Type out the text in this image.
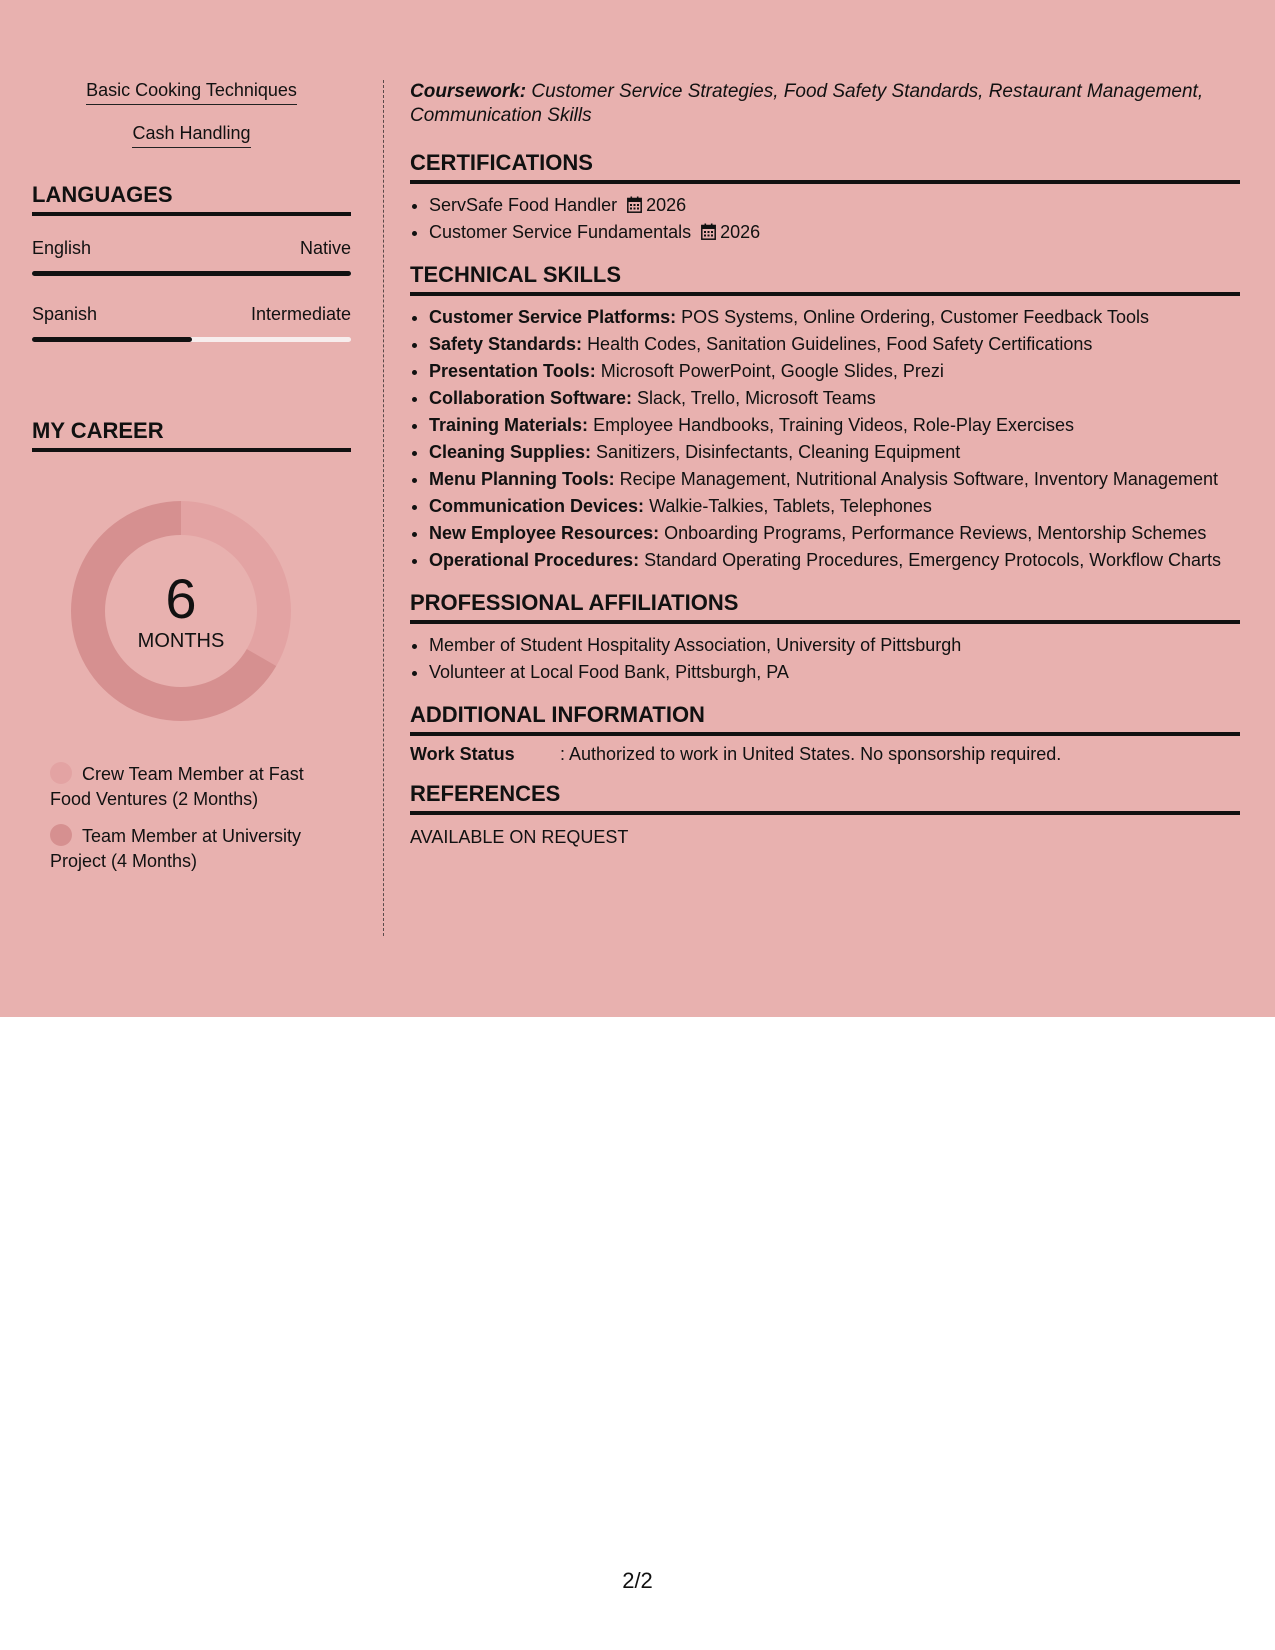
Basic Cooking Techniques
Cash Handling
LANGUAGES
English	Native
Spanish	Intermediate
MY CAREER
6
MONTHS
Crew Team Member at Fast Food Ventures (2 Months)
Team Member at University Project (4 Months)

Coursework: Customer Service Strategies, Food Safety Standards, Restaurant Management, Communication Skills

CERTIFICATIONS
• ServSafe Food Handler 2026
• Customer Service Fundamentals 2026
TECHNICAL SKILLS
• Customer Service Platforms: POS Systems, Online Ordering, Customer Feedback Tools
• Safety Standards: Health Codes, Sanitation Guidelines, Food Safety Certifications
• Presentation Tools: Microsoft PowerPoint, Google Slides, Prezi
• Collaboration Software: Slack, Trello, Microsoft Teams
• Training Materials: Employee Handbooks, Training Videos, Role-Play Exercises
• Cleaning Supplies: Sanitizers, Disinfectants, Cleaning Equipment
• Menu Planning Tools: Recipe Management, Nutritional Analysis Software, Inventory Management
• Communication Devices: Walkie-Talkies, Tablets, Telephones
• New Employee Resources: Onboarding Programs, Performance Reviews, Mentorship Schemes
• Operational Procedures: Standard Operating Procedures, Emergency Protocols, Workflow Charts
PROFESSIONAL AFFILIATIONS
• Member of Student Hospitality Association, University of Pittsburgh
• Volunteer at Local Food Bank, Pittsburgh, PA
ADDITIONAL INFORMATION
Work Status	: Authorized to work in United States. No sponsorship required.
REFERENCES
AVAILABLE ON REQUEST
2/2
